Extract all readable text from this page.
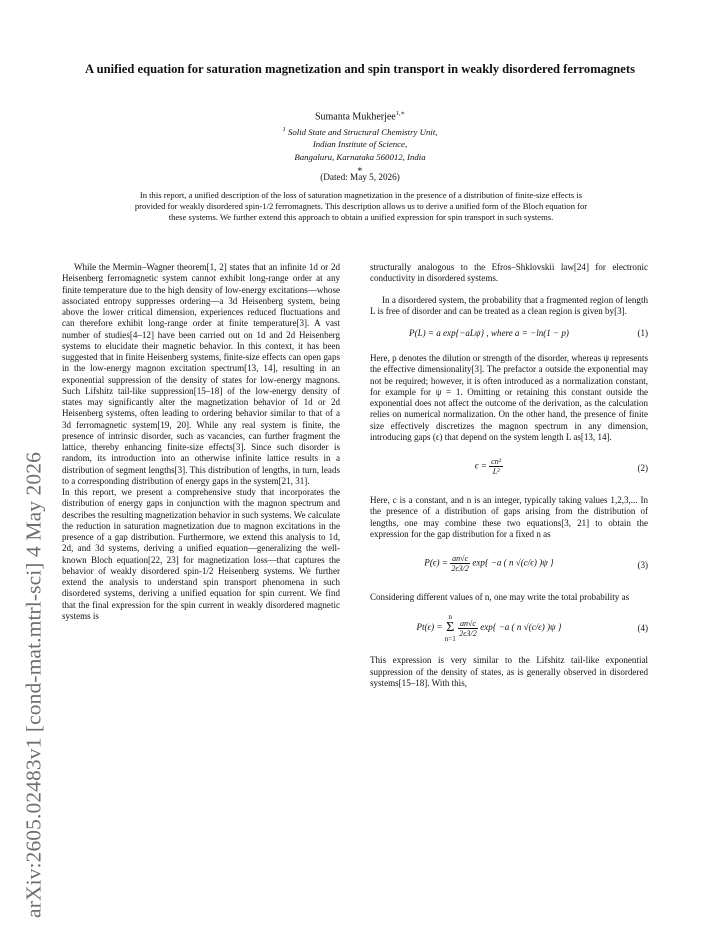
arXiv:2605.02483v1 [cond-mat.mtrl-sci] 4 May 2026
A unified equation for saturation magnetization and spin transport in weakly disordered ferromagnets
Sumanta Mukherjee$^{1,∗}$
$^1$ Solid State and Structural Chemistry Unit,
Indian Institute of Science,
Bangaluru, Karnataka 560012, India
∗
(Dated: May 5, 2026)
In this report, a unified description of the loss of saturation magnetization in the presence of a distribution of finite-size effects is provided for weakly disordered spin-1/2 ferromagnets. This description allows us to derive a unified form of the Bloch equation for these systems. We further extend this approach to obtain a unified expression for spin transport in such systems.

While the Mermin–Wagner theorem[1, 2] states that an infinite 1d or 2d Heisenberg ferromagnetic system cannot exhibit long-range order at any finite temperature due to the high density of low-energy excitations—whose associated entropy suppresses ordering—a 3d Heisenberg system, being above the lower critical dimension, experiences reduced fluctuations and can therefore exhibit long-range order at finite temperature[3]. A vast number of studies[4–12] have been carried out on 1d and 2d Heisenberg systems to elucidate their magnetic behavior. In this context, it has been suggested that in finite Heisenberg systems, finite-size effects can open gaps in the low-energy magnon excitation spectrum[13, 14], resulting in an exponential suppression of the density of states for low-energy magnons. Such Lifshitz tail-like suppression[15–18] of the low-energy density of states may significantly alter the magnetization behavior of 1d or 2d Heisenberg systems, often leading to ordering behavior similar to that of a 3d ferromagnetic system[19, 20]. While any real system is finite, the presence of intrinsic disorder, such as vacancies, can further fragment the lattice, thereby enhancing finite-size effects[3]. Since such disorder is random, its introduction into an otherwise infinite lattice results in a distribution of segment lengths[3]. This distribution of lengths, in turn, leads to a corresponding distribution of energy gaps in the system[21, 31].

In this report, we present a comprehensive study that incorporates the distribution of energy gaps in conjunction with the magnon spectrum and describes the resulting magnetization behavior in such systems. We calculate the reduction in saturation magnetization due to magnon excitations in the presence of a gap distribution. Furthermore, we extend this analysis to 1d, 2d, and 3d systems, deriving a unified equation—generalizing the well-known Bloch equation[22, 23] for magnetization loss—that captures the behavior of weakly disordered spin-1/2 Heisenberg systems. We further extend the analysis to understand spin transport phenomena in such disordered systems, deriving a unified equation for spin current. We find that the final expression for the spin current in weakly disordered magnetic systems is

structurally analogous to the Efros–Shklovskii law[24] for electronic conductivity in disordered systems.

In a disordered system, the probability that a fragmented region of length L is free of disorder and can be treated as a clean region is given by[3].

P(L) = a exp{−aLψ} , where a = −ln(1 − p)	(1)

Here, p denotes the dilution or strength of the disorder, whereas ψ represents the effective dimensionality[3]. The prefactor a outside the exponential may not be required; however, it is often introduced as a normalization constant, for example for ψ = 1. Omitting or retaining this constant outside the exponential does not affect the outcome of the derivation, as the calculation relies on numerical normalization. On the other hand, the presence of finite size effectively discretizes the magnon spectrum in any dimension, introducing gaps (ϵ) that depend on the system length L as[13, 14].

$\epsilon = \frac{\text{cn²}}{\text{L²}}$	(2)

Here, c is a constant, and n is an integer, typically taking values 1,2,3,... In the presence of a distribution of gaps arising from the distribution of lengths, one may combine these two equations[3, 21] to obtain the expression for the gap distribution for a fixed n as

$P(\epsilon) = \frac{an√c}{2\epsilon 3/2} \exp\{ -a$ ( n √(c/ϵ) )ψ }	(3)

Considering different values of n, one may write the total probability as

Pt(ϵ) =
n
Σ
n=1

$\frac{an√c}{2\epsilon 3/2} \exp\{ -a$ ( n √(c/ϵ) )ψ }	(4)

This expression is very similar to the Lifshitz tail-like exponential suppression of the density of states, as is generally observed in disordered systems[15–18]. With this,
